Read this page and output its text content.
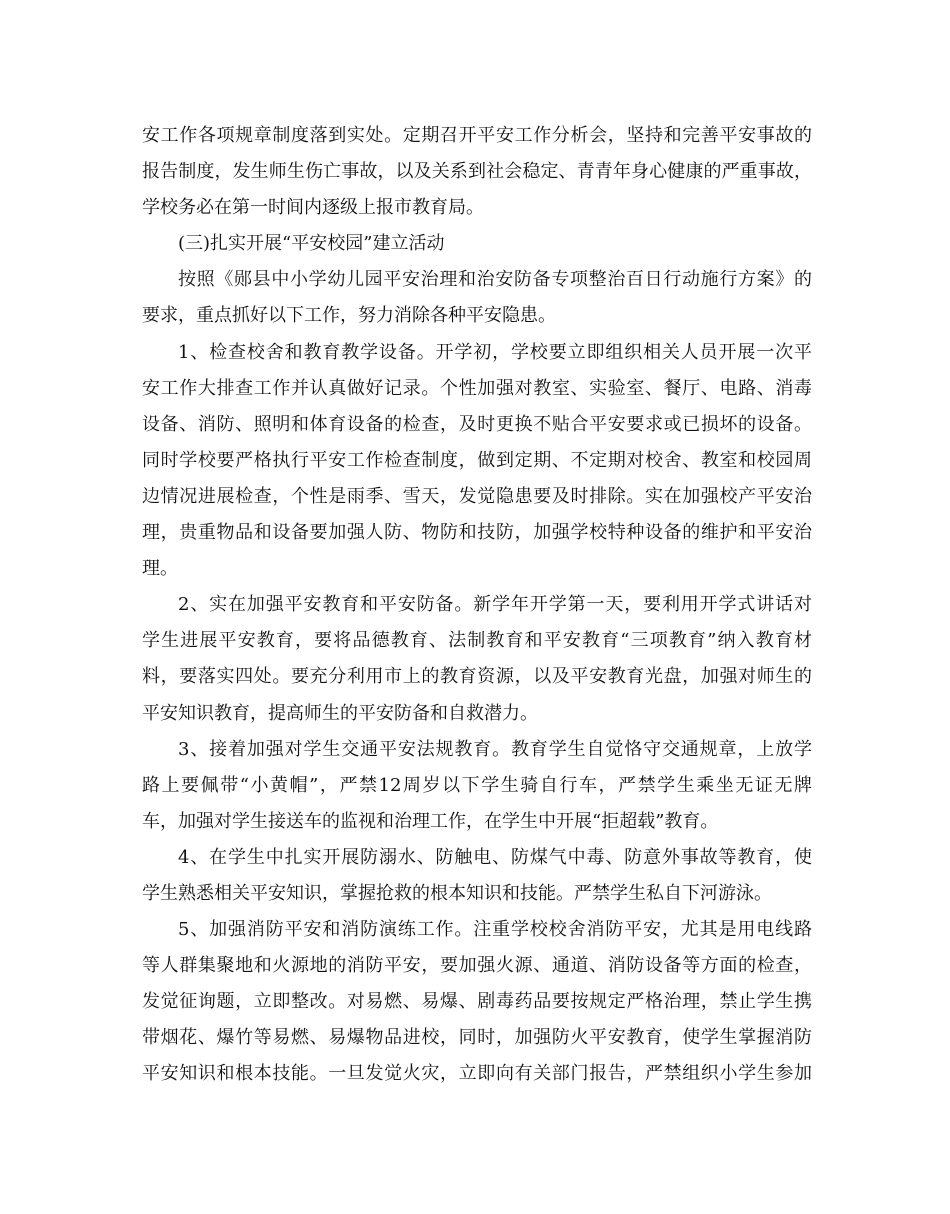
安工作各项规章制度落到实处。定期召开平安工作分析会，坚持和完善平安事故的
报告制度，发生师生伤亡事故，以及关系到社会稳定、青青年身心健康的严重事故，
学校务必在第一时间内逐级上报市教育局。
(三)扎实开展“平安校园”建立活动
按照《郧县中小学幼儿园平安治理和治安防备专项整治百日行动施行方案》的
要求，重点抓好以下工作，努力消除各种平安隐患。
1、检查校舍和教育教学设备。开学初，学校要立即组织相关人员开展一次平
安工作大排查工作并认真做好记录。个性加强对教室、实验室、餐厅、电路、消毒
设备、消防、照明和体育设备的检查，及时更换不贴合平安要求或已损坏的设备。
同时学校要严格执行平安工作检查制度，做到定期、不定期对校舍、教室和校园周
边情况进展检查，个性是雨季、雪天，发觉隐患要及时排除。实在加强校产平安治
理，贵重物品和设备要加强人防、物防和技防，加强学校特种设备的维护和平安治
理。
2、实在加强平安教育和平安防备。新学年开学第一天，要利用开学式讲话对
学生进展平安教育，要将品德教育、法制教育和平安教育“三项教育”纳入教育材
料，要落实四处。要充分利用市上的教育资源，以及平安教育光盘，加强对师生的
平安知识教育，提高师生的平安防备和自救潜力。
3、接着加强对学生交通平安法规教育。教育学生自觉恪守交通规章，上放学
路上要佩带“小黄帽”，严禁12周岁以下学生骑自行车，严禁学生乘坐无证无牌
车，加强对学生接送车的监视和治理工作，在学生中开展“拒超载”教育。
4、在学生中扎实开展防溺水、防触电、防煤气中毒、防意外事故等教育，使
学生熟悉相关平安知识，掌握抢救的根本知识和技能。严禁学生私自下河游泳。
5、加强消防平安和消防演练工作。注重学校校舍消防平安，尤其是用电线路
等人群集聚地和火源地的消防平安，要加强火源、通道、消防设备等方面的检查，
发觉征询题，立即整改。对易燃、易爆、剧毒药品要按规定严格治理，禁止学生携
带烟花、爆竹等易燃、易爆物品进校，同时，加强防火平安教育，使学生掌握消防
平安知识和根本技能。一旦发觉火灾，立即向有关部门报告，严禁组织小学生参加
